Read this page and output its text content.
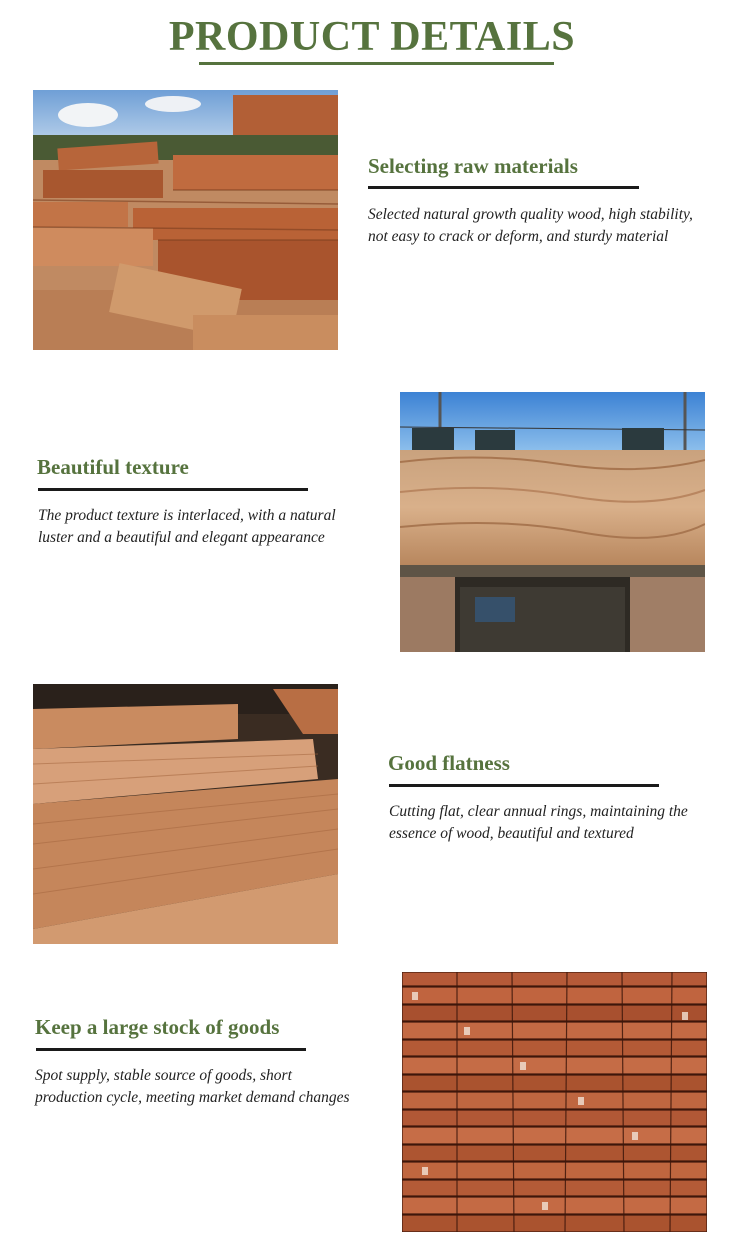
PRODUCT DETAILS
Selecting raw materials
Selected natural growth quality wood, high stability, not easy to crack or deform, and sturdy material
Beautiful texture
The product texture is interlaced, with a natural luster and a beautiful and elegant appearance
Good flatness
Cutting flat, clear annual rings, maintaining the essence of wood, beautiful and textured
Keep a large stock of goods
Spot supply, stable source of goods, short production cycle, meeting market demand changes
